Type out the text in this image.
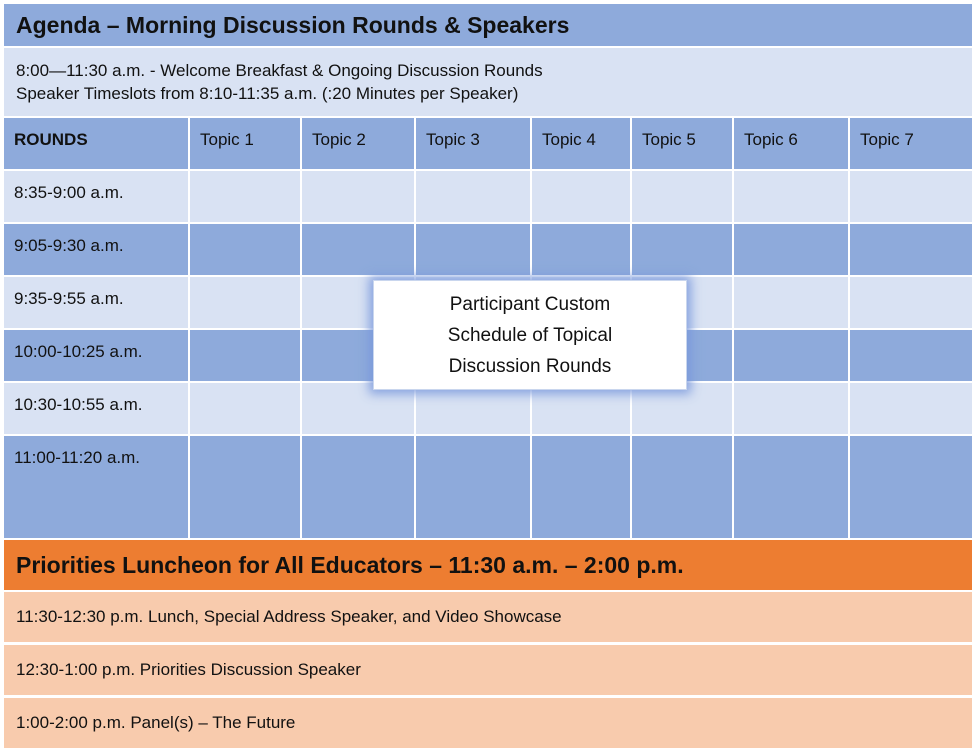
Agenda – Morning Discussion Rounds & Speakers
8:00—11:30 a.m. - Welcome Breakfast & Ongoing Discussion Rounds
Speaker Timeslots from 8:10-11:35 a.m. (:20 Minutes per Speaker)
ROUNDS	Topic 1	Topic 2	Topic 3	Topic 4	Topic 5	Topic 6	Topic 7
8:35-9:00 a.m.
9:05-9:30 a.m.
9:35-9:55 a.m.
10:00-10:25 a.m.
10:30-10:55 a.m.
11:00-11:20 a.m.
Priorities Luncheon for All Educators – 11:30 a.m. – 2:00 p.m.
11:30-12:30 p.m. Lunch, Special Address Speaker, and Video Showcase
12:30-1:00 p.m. Priorities Discussion Speaker
1:00-2:00 p.m. Panel(s) – The Future
Participant Custom
Schedule of Topical
Discussion Rounds
